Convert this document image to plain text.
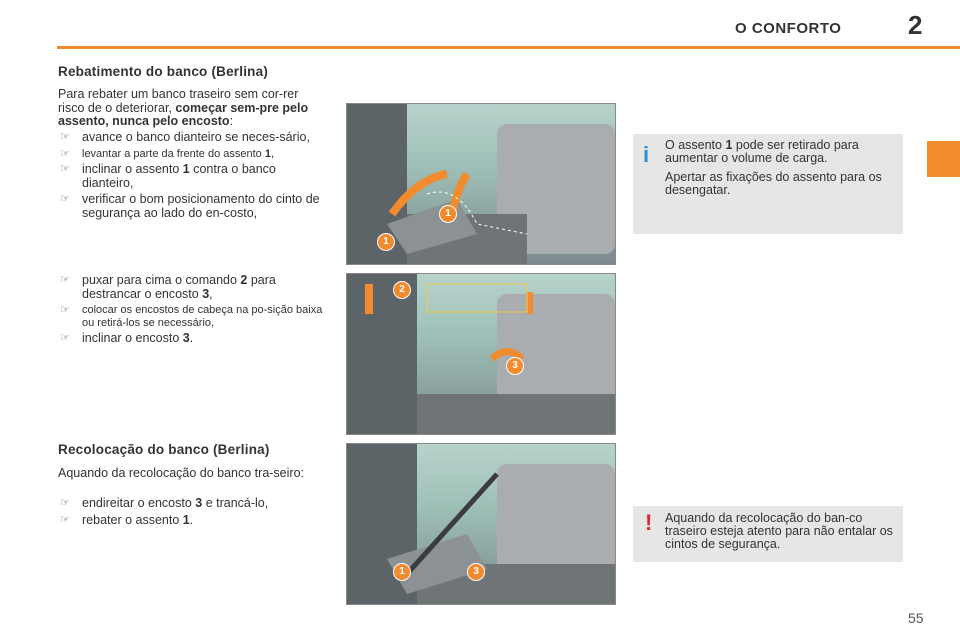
O CONFORTO	2
Rebatimento do banco (Berlina)
Para rebater um banco traseiro sem cor-rer risco de o deteriorar, começar sem-pre pelo assento, nunca pelo encosto:
☞ avance o banco dianteiro se neces-sário,
☞ levantar a parte da frente do assento 1,
☞ inclinar o assento 1 contra o banco dianteiro,
☞ verificar o bom posicionamento do cinto de segurança ao lado do en-costo,
☞ puxar para cima o comando 2 para destrancar o encosto 3,
☞ colocar os encostos de cabeça na po-sição baixa ou retirá-los se necessário,
☞ inclinar o encosto 3.
Recolocação do banco (Berlina)
Aquando da recolocação do banco tra-seiro:
☞ endireitar o encosto 3 e trancá-lo,
☞ rebater o assento 1.
1
1
2
3
1	3
i	O assento 1 pode ser retirado para aumentar o volume de carga.

Apertar as fixações do assento para os desengatar.

!	Aquando da recolocação do ban-co traseiro esteja atento para não entalar os cintos de segurança.

55
